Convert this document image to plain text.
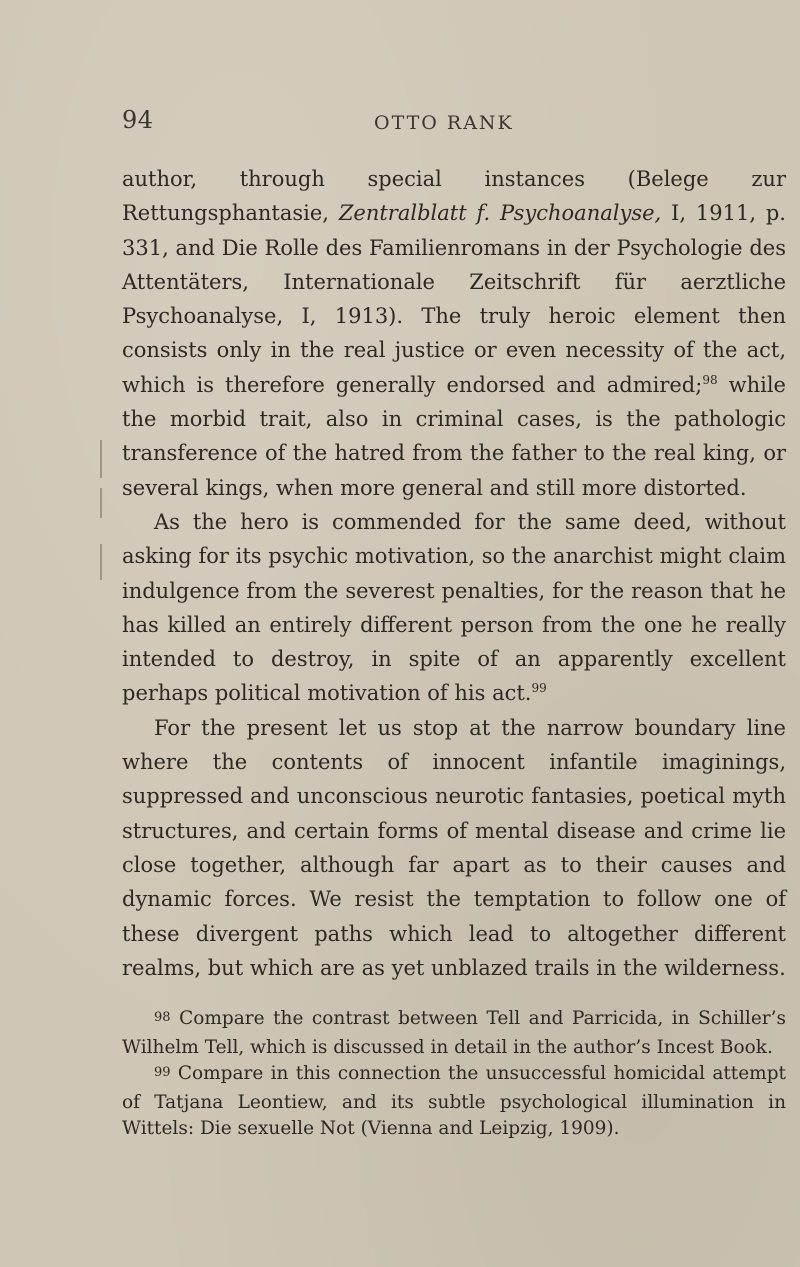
94	OTTO RANK

author, through special instances (Belege zur Rettungsphantasie, Zentralblatt f. Psychoanalyse, I, 1911, p. 331, and Die Rolle des Familienromans in der Psychologie des Attentäters, Internationale Zeitschrift für aerztliche Psychoanalyse, I, 1913). The truly heroic element then consists only in the real justice or even necessity of the act, which is therefore generally endorsed and admired;$^{98}$ while the morbid trait, also in criminal cases, is the pathologic transference of the hatred from the father to the real king, or several kings, when more general and still more distorted.

As the hero is commended for the same deed, without asking for its psychic motivation, so the anarchist might claim indulgence from the severest penalties, for the reason that he has killed an entirely different person from the one he really intended to destroy, in spite of an apparently excellent perhaps political motivation of his act.$^{99}$

For the present let us stop at the narrow boundary line where the contents of innocent infantile imaginings, suppressed and unconscious neurotic fantasies, poetical myth structures, and certain forms of mental disease and crime lie close together, although far apart as to their causes and dynamic forces. We resist the temptation to follow one of these divergent paths which lead to altogether different realms, but which are as yet unblazed trails in the wilderness.

98 Compare the contrast between Tell and Parricida, in Schiller’s Wilhelm Tell, which is discussed in detail in the author’s Incest Book.

99 Compare in this connection the unsuccessful homicidal attempt of Tatjana Leontiew, and its subtle psychological illumination in Wittels: Die sexuelle Not (Vienna and Leipzig, 1909).
